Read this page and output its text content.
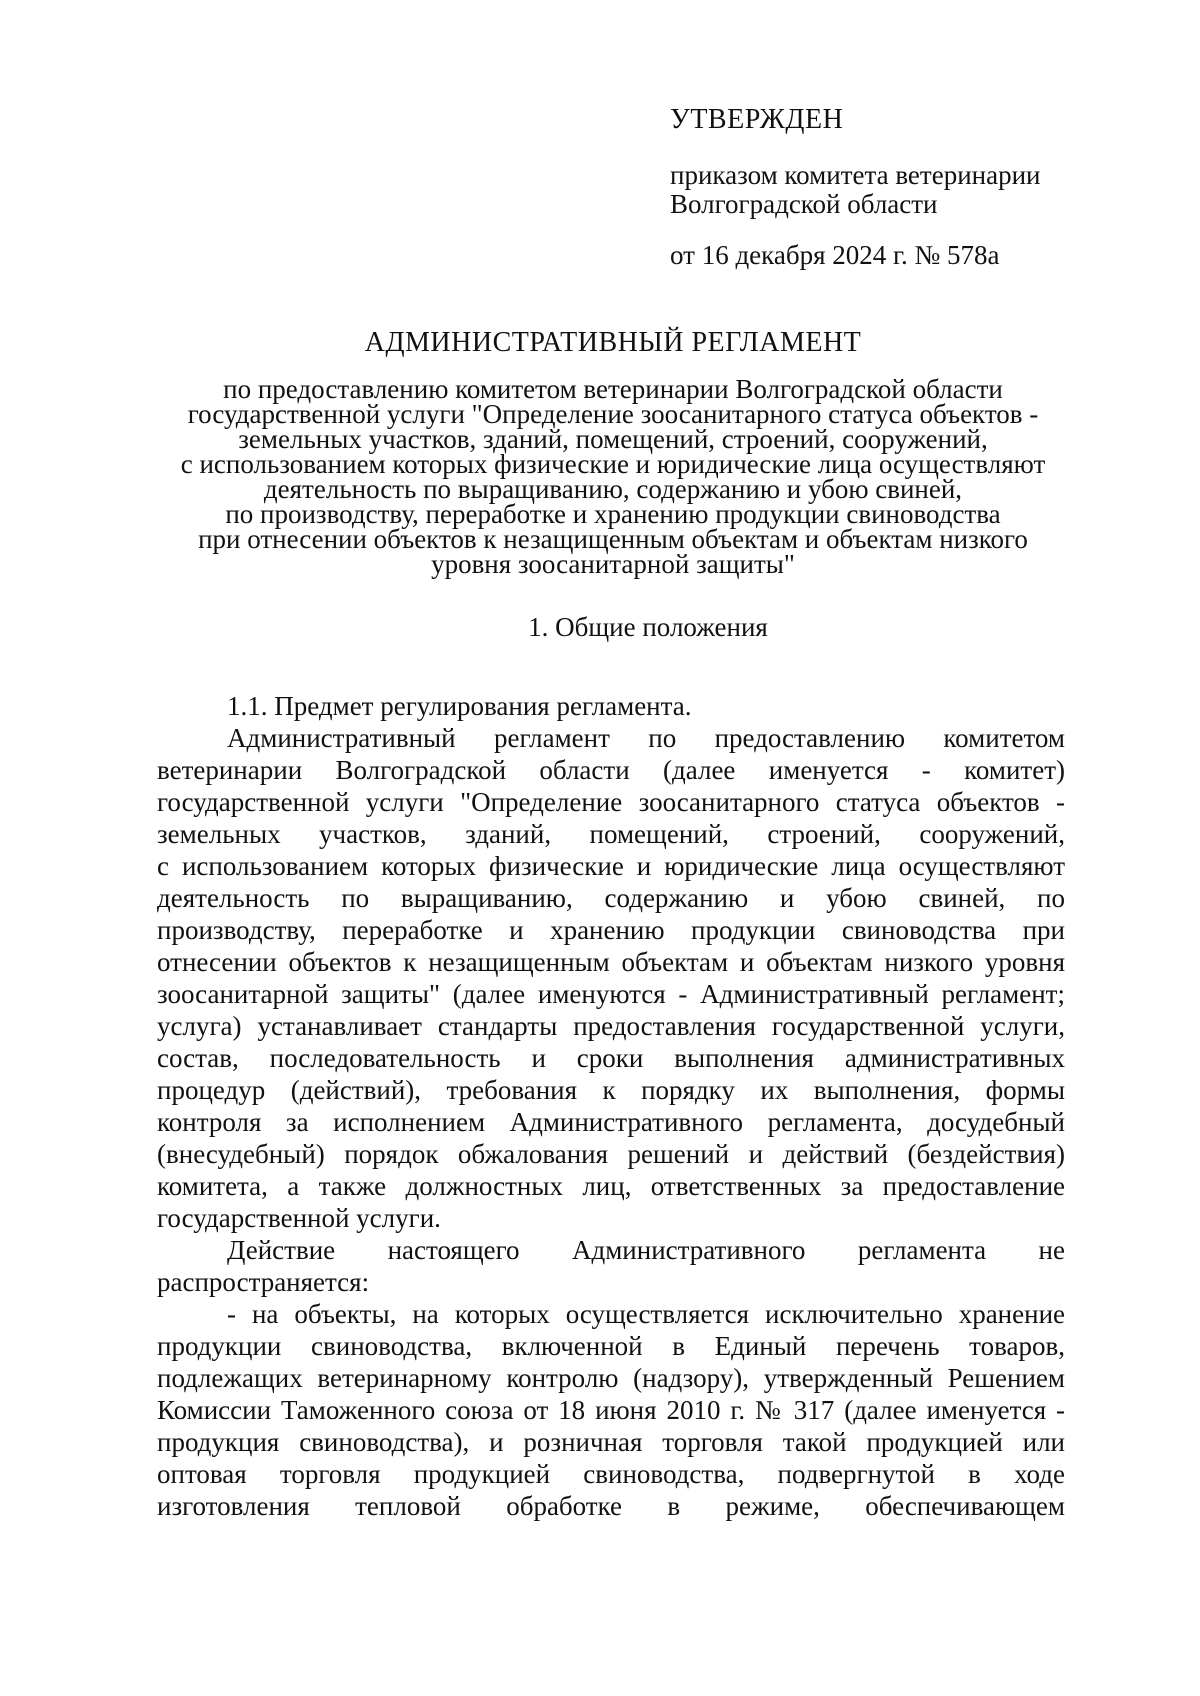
УТВЕРЖДЕН

приказом комитета ветеринарии
Волгоградской области

от 16 декабря 2024 г. № 578а

АДМИНИСТРАТИВНЫЙ РЕГЛАМЕНТ
по предоставлению комитетом ветеринарии Волгоградской области
государственной услуги "Определение зоосанитарного статуса объектов -
земельных участков, зданий, помещений, строений, сооружений,
с использованием которых физические и юридические лица осуществляют
деятельность по выращиванию, содержанию и убою свиней,
по производству, переработке и хранению продукции свиноводства
при отнесении объектов к незащищенным объектам и объектам низкого
уровня зоосанитарной защиты"
1. Общие положения
1.1. Предмет регулирования регламента.
Административный регламент по предоставлению комитетом
ветеринарии Волгоградской области (далее именуется - комитет)
государственной услуги "Определение зоосанитарного статуса объектов -
земельных участков, зданий, помещений, строений, сооружений,
с использованием которых физические и юридические лица осуществляют
деятельность по выращиванию, содержанию и убою свиней, по
производству, переработке и хранению продукции свиноводства при
отнесении объектов к незащищенным объектам и объектам низкого уровня
зоосанитарной защиты" (далее именуются - Административный регламент;
услуга) устанавливает стандарты предоставления государственной услуги,
состав, последовательность и сроки выполнения административных
процедур (действий), требования к порядку их выполнения, формы
контроля за исполнением Административного регламента, досудебный
(внесудебный) порядок обжалования решений и действий (бездействия)
комитета, а также должностных лиц, ответственных за предоставление
государственной услуги.
Действие настоящего Административного регламента не
распространяется:
- на объекты, на которых осуществляется исключительно хранение
продукции свиноводства, включенной в Единый перечень товаров,
подлежащих ветеринарному контролю (надзору), утвержденный Решением
Комиссии Таможенного союза от 18 июня 2010 г. № 317 (далее именуется -
продукция свиноводства), и розничная торговля такой продукцией или
оптовая торговля продукцией свиноводства, подвергнутой в ходе
изготовления тепловой обработке в режиме, обеспечивающем
